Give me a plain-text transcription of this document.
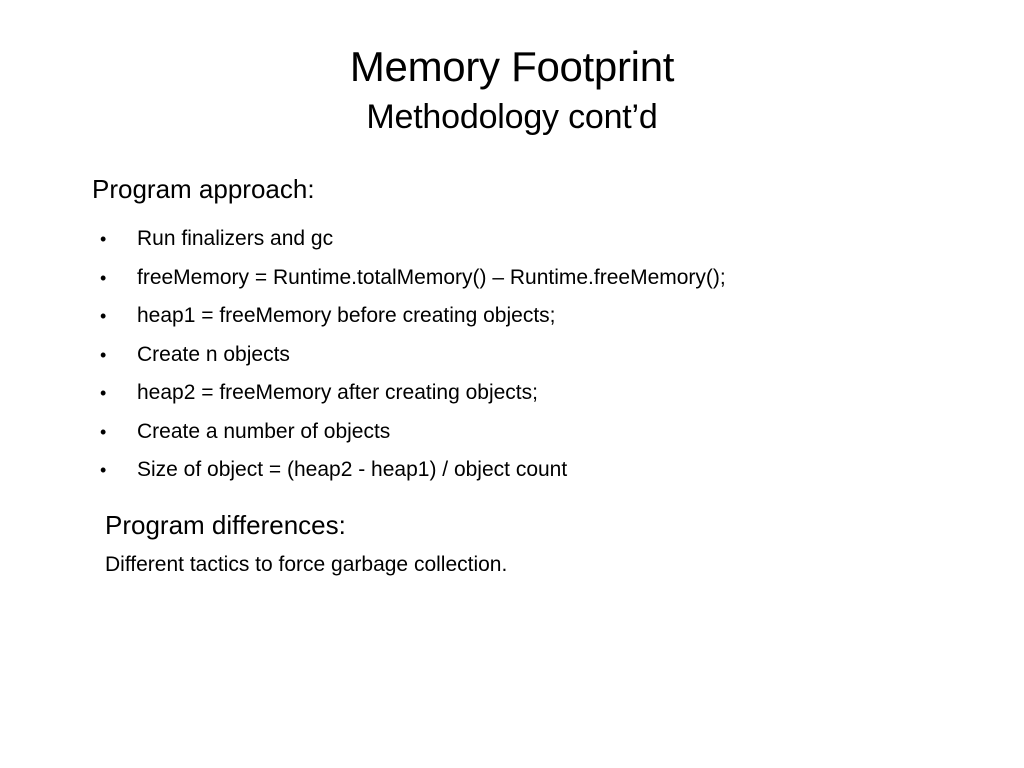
Memory Footprint
Methodology cont’d
Program approach:
•	Run finalizers and gc
•	freeMemory = Runtime.totalMemory() – Runtime.freeMemory();
•	heap1 = freeMemory before creating objects;
•	Create n objects
•	heap2 = freeMemory after creating objects;
•	Create a number of objects
•	Size of object = (heap2 - heap1) / object count
Program differences:
Different tactics to force garbage collection.
